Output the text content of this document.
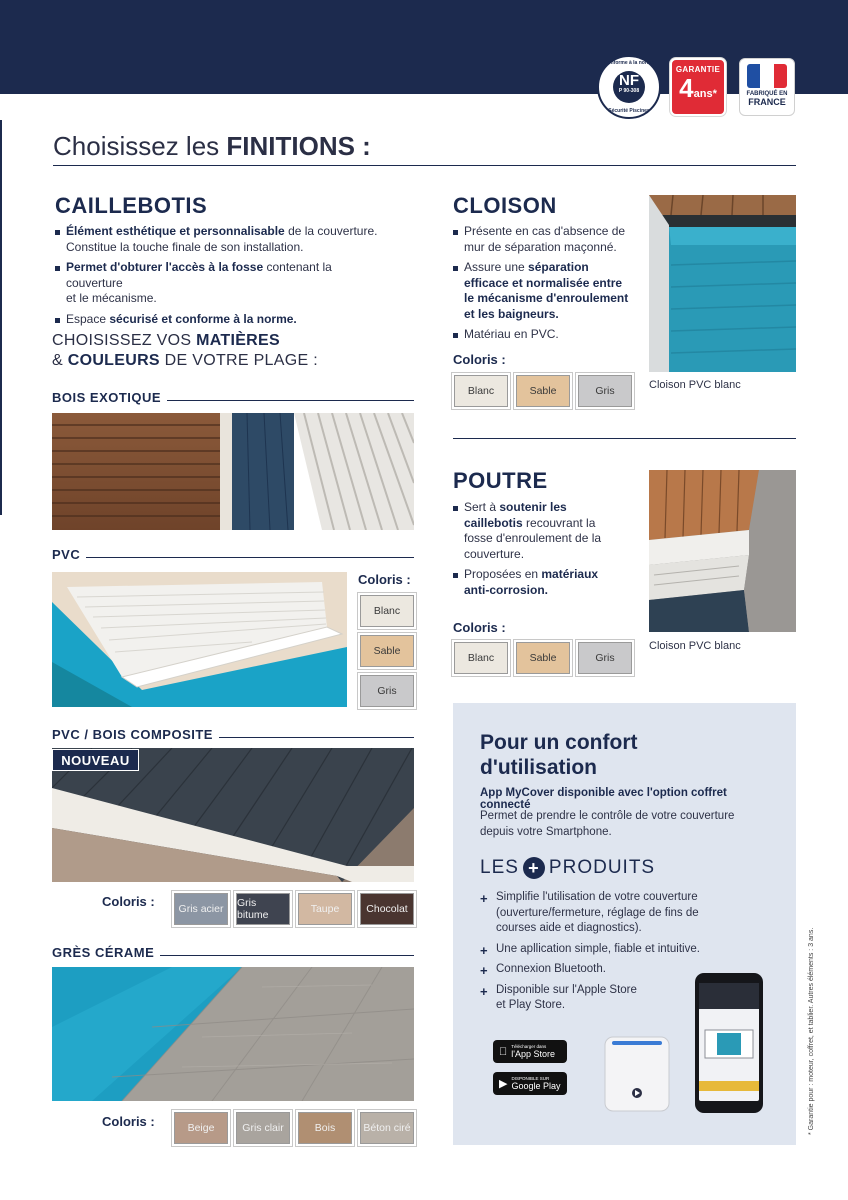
Conforme à la norme
NF
P 90-308
Sécurité Piscines
GARANTIE
4ans*	FABRIQUÉ EN
FRANCE
Choisissez les FINITIONS :
CAILLEBOTIS
Élément esthétique et personnalisable de la couverture.
Constitue la touche finale de son installation.
Permet d'obturer l'accès à la fosse contenant la couverture
et le mécanisme.
Espace sécurisé et conforme à la norme.
CHOISISSEZ VOS MATIÈRES
& COULEURS DE VOTRE PLAGE :
BOIS EXOTIQUE
PVC
Coloris :
Blanc
Sable
Gris
PVC / BOIS COMPOSITE
NOUVEAU
Coloris :	Gris acier	Gris bitume	Taupe	Chocolat
GRÈS CÉRAME
Coloris :	Beige	Gris clair	Bois	Béton ciré
CLOISON
Présente en cas d'absence de mur de séparation maçonné.
Assure une séparation efficace et normalisée entre le mécanisme d'enroulement et les baigneurs.
Matériau en PVC.
Coloris :
Blanc	Sable	Gris	Cloison PVC blanc
POUTRE
Sert à soutenir les caillebotis recouvrant la fosse d'enroulement de la couverture.
Proposées en matériaux anti-corrosion.
Coloris :
Blanc	Sable	Gris
Cloison PVC blanc
Pour un confort
d'utilisation
App MyCover disponible avec l'option coffret connecté
Permet de prendre le contrôle de votre couverture depuis votre Smartphone.
LES + PRODUITS
+ Simplifie l'utilisation de votre couverture (ouverture/fermeture, réglage de fins de courses aide et diagnostics).
+ Une apllication simple, fiable et intuitive.
+ Connexion Bluetooth.
+ Disponible sur l'Apple Store et Play Store.
Télécharger dans
l'App Store
▶ DISPONIBLE SUR
Google Play	* Garantie pour : moteur, coffret, et tablier. Autres éléments : 3 ans.
